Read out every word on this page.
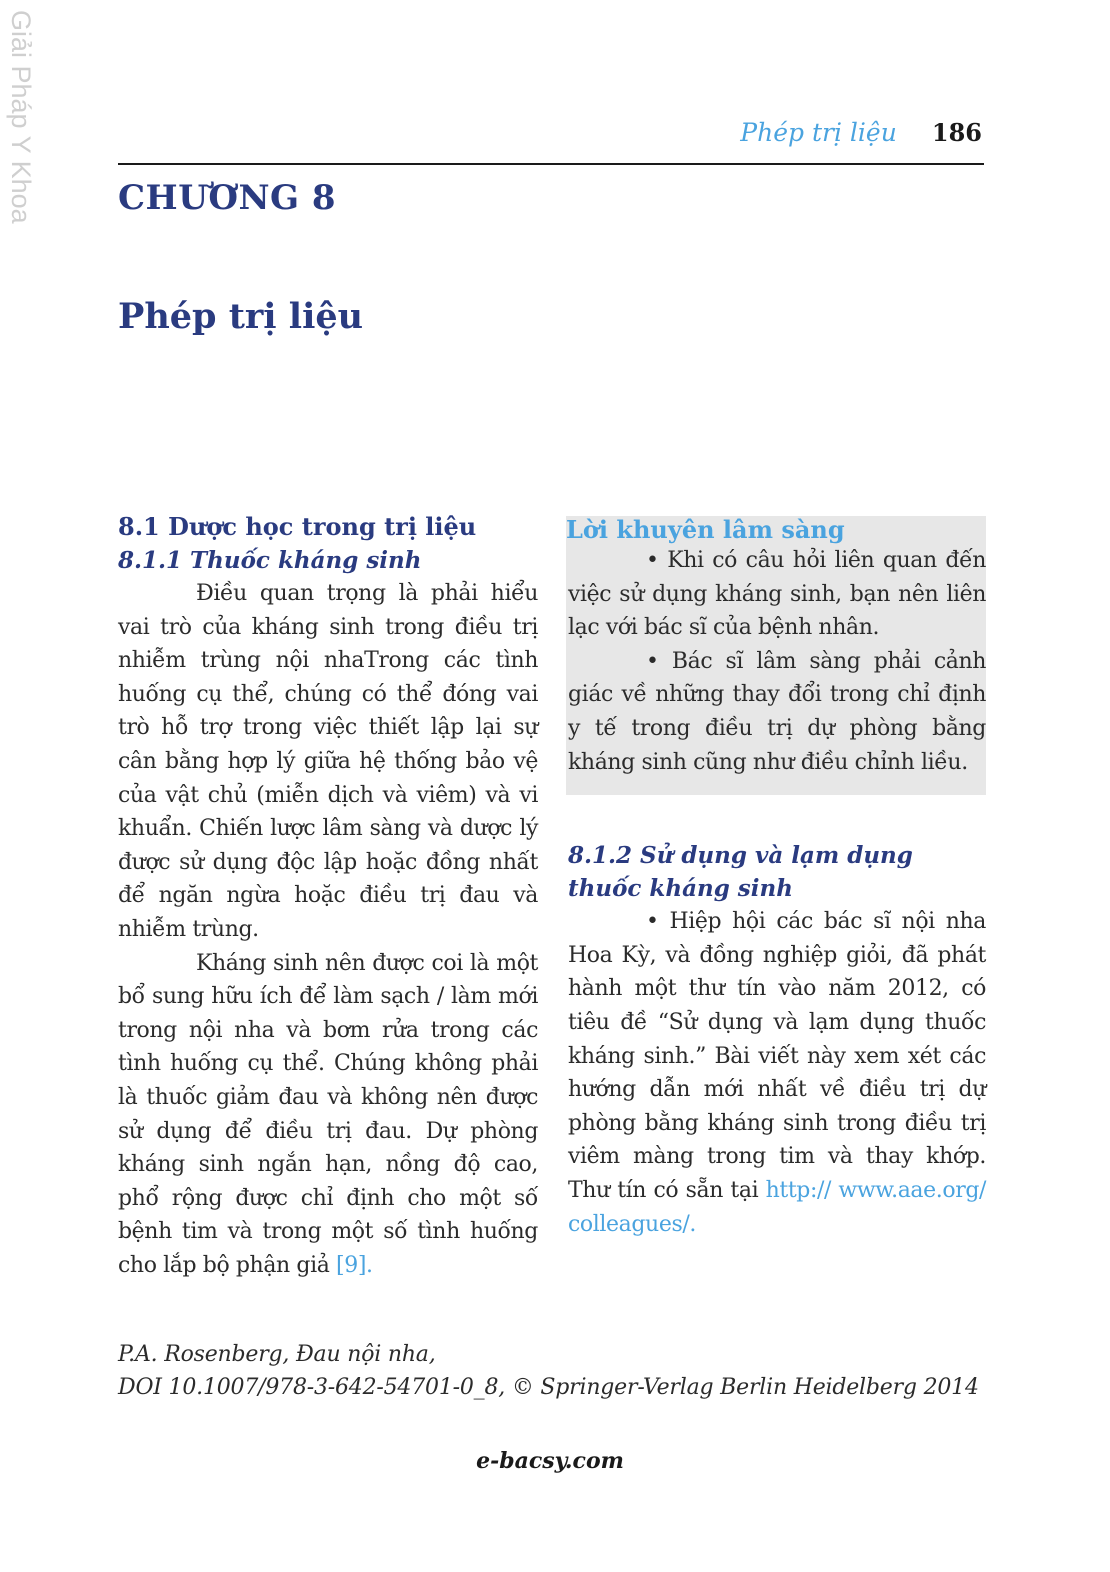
Giải Pháp Y Khoa	Phép trị liệu 186
CHƯƠNG 8
Phép trị liệu
8.1 Dược học trong trị liệu
8.1.1 Thuốc kháng sinh

Điều quan trọng là phải hiểu vai trò của kháng sinh trong điều trị nhiễm trùng nội nhaTrong các tình huống cụ thể, chúng có thể đóng vai trò hỗ trợ trong việc thiết lập lại sự cân bằng hợp lý giữa hệ thống bảo vệ của vật chủ (miễn dịch và viêm) và vi khuẩn. Chiến lược lâm sàng và dược lý được sử dụng độc lập hoặc đồng nhất để ngăn ngừa hoặc điều trị đau và nhiễm trùng.

Kháng sinh nên được coi là một bổ sung hữu ích để làm sạch / làm mới trong nội nha và bơm rửa trong các tình huống cụ thể. Chúng không phải là thuốc giảm đau và không nên được sử dụng để điều trị đau. Dự phòng kháng sinh ngắn hạn, nồng độ cao, phổ rộng được chỉ định cho một số bệnh tim và trong một số tình huống cho lắp bộ phận giả [9].

Lời khuyên lâm sàng

• Khi có câu hỏi liên quan đến việc sử dụng kháng sinh, bạn nên liên lạc với bác sĩ của bệnh nhân.

• Bác sĩ lâm sàng phải cảnh giác về những thay đổi trong chỉ định y tế trong điều trị dự phòng bằng kháng sinh cũng như điều chỉnh liều.

8.1.2 Sử dụng và lạm dụng thuốc kháng sinh

• Hiệp hội các bác sĩ nội nha Hoa Kỳ, và đồng nghiệp giỏi, đã phát hành một thư tín vào năm 2012, có tiêu đề “Sử dụng và lạm dụng thuốc kháng sinh.” Bài viết này xem xét các hướng dẫn mới nhất về điều trị dự phòng bằng kháng sinh trong điều trị viêm màng trong tim và thay khớp. Thư tín có sẵn tại http:// www.aae.org/ colleagues/.

P.A. Rosenberg, Đau nội nha,
DOI 10.1007/978-3-642-54701-0_8, © Springer-Verlag Berlin Heidelberg 2014
e-bacsy.com
